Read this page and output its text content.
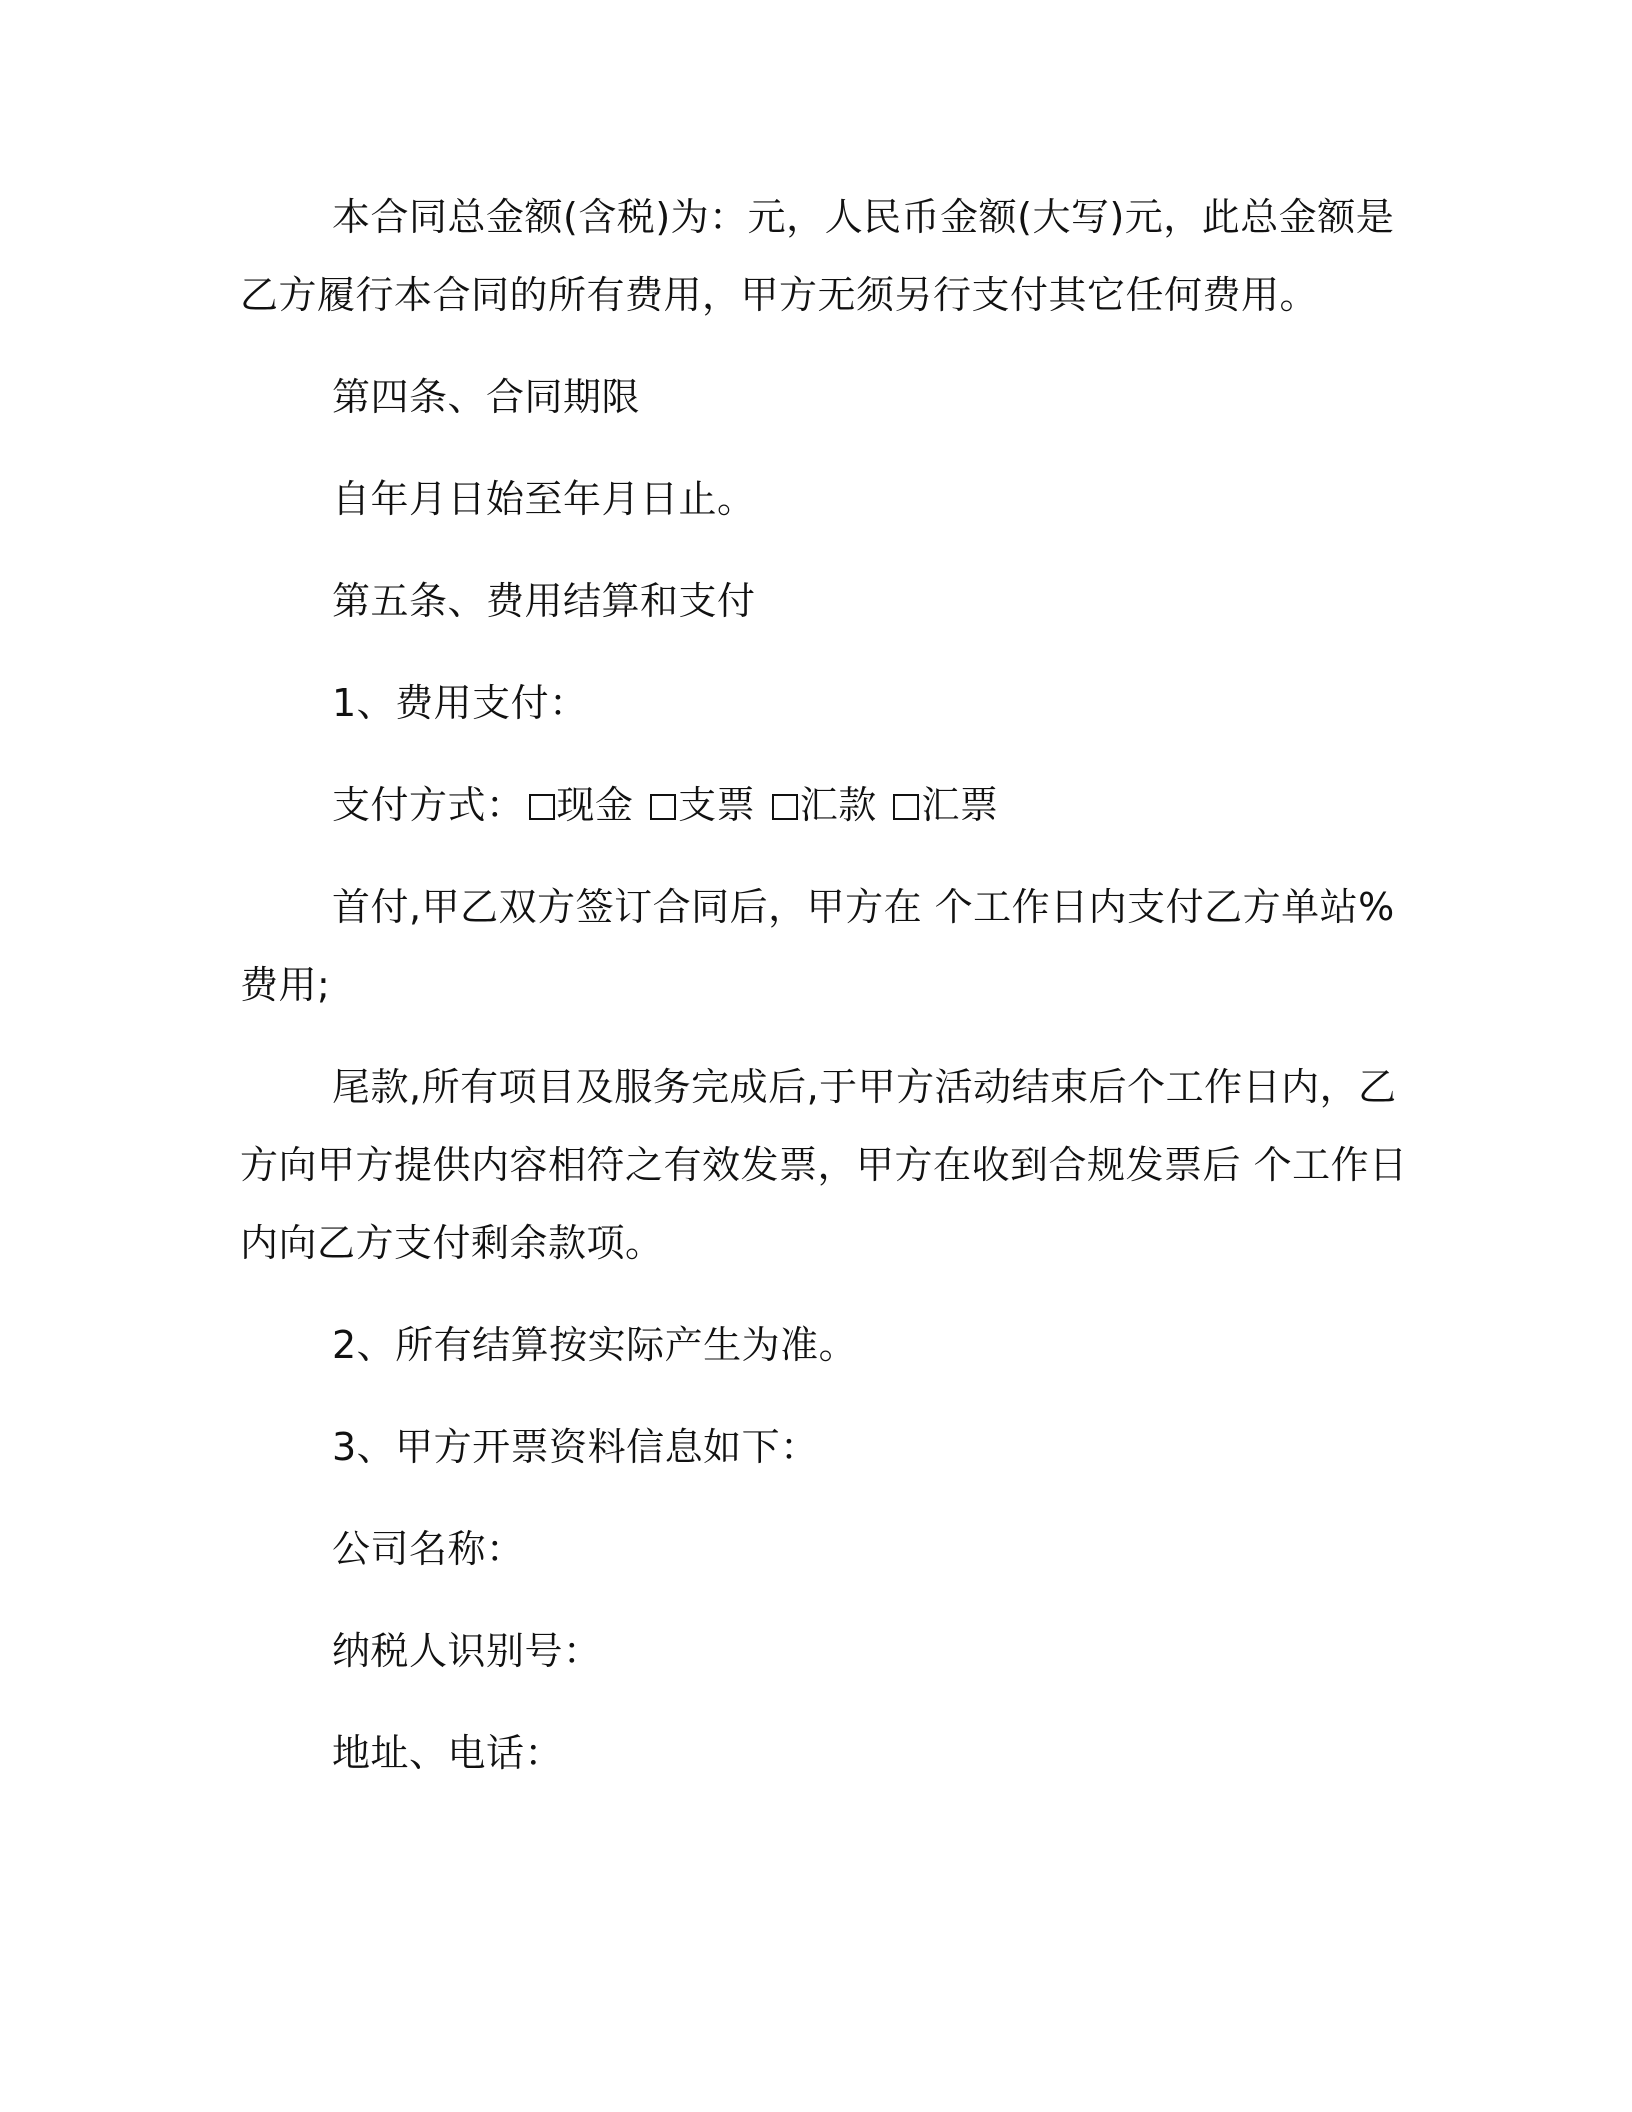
本合同总金额(含税)为：元，人民币金额(大写)元，此总金额是
乙方履行本合同的所有费用，甲方无须另行支付其它任何费用。
第四条、合同期限
自年月日始至年月日止。
第五条、费用结算和支付
1、费用支付：
支付方式： 现金 支票 汇款 汇票
首付,甲乙双方签订合同后，甲方在 个工作日内支付乙方单站%
费用;
尾款,所有项目及服务完成后,于甲方活动结束后个工作日内，乙
方向甲方提供内容相符之有效发票，甲方在收到合规发票后 个工作日
内向乙方支付剩余款项。
2、所有结算按实际产生为准。
3、甲方开票资料信息如下：
公司名称：
纳税人识别号：
地址、电话：
